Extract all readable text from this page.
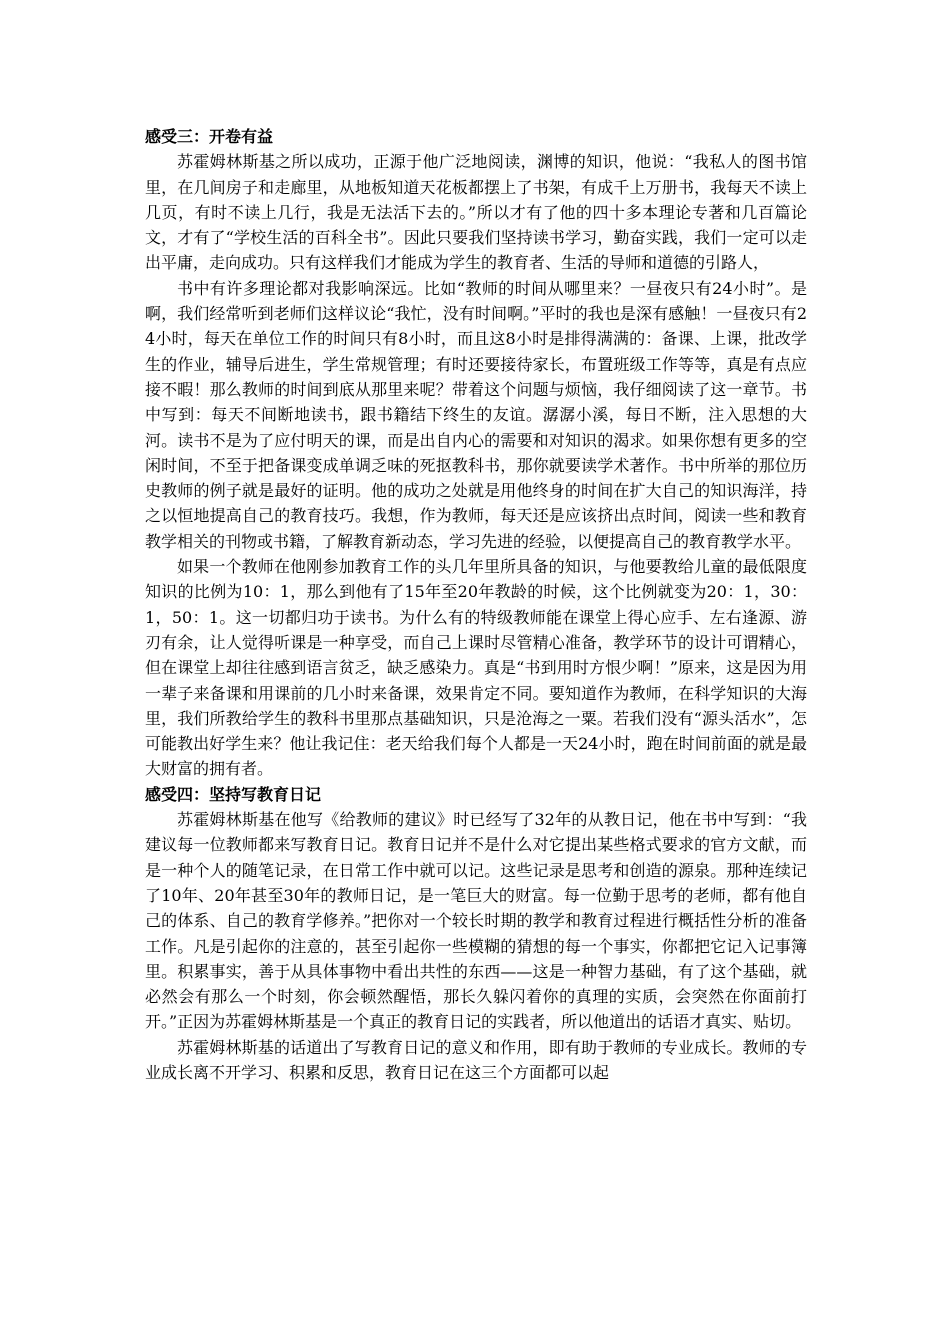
感受三：开卷有益

苏霍姆林斯基之所以成功，正源于他广泛地阅读，渊博的知识，他说：“我私人的图书馆里，在几间房子和走廊里，从地板知道天花板都摆上了书架，有成千上万册书，我每天不读上几页，有时不读上几行，我是无法活下去的。”所以才有了他的四十多本理论专著和几百篇论文，才有了“学校生活的百科全书”。因此只要我们坚持读书学习，勤奋实践，我们一定可以走出平庸，走向成功。只有这样我们才能成为学生的教育者、生活的导师和道德的引路人，

书中有许多理论都对我影响深远。比如“教师的时间从哪里来？一昼夜只有24小时”。是啊，我们经常听到老师们这样议论“我忙，没有时间啊。”平时的我也是深有感触！一昼夜只有24小时，每天在单位工作的时间只有8小时，而且这8小时是排得满满的：备课、上课，批改学生的作业，辅导后进生，学生常规管理；有时还要接待家长，布置班级工作等等，真是有点应接不暇！那么教师的时间到底从那里来呢？带着这个问题与烦恼，我仔细阅读了这一章节。书中写到：每天不间断地读书，跟书籍结下终生的友谊。潺潺小溪，每日不断，注入思想的大河。读书不是为了应付明天的课，而是出自内心的需要和对知识的渴求。如果你想有更多的空闲时间，不至于把备课变成单调乏味的死抠教科书，那你就要读学术著作。书中所举的那位历史教师的例子就是最好的证明。他的成功之处就是用他终身的时间在扩大自己的知识海洋，持之以恒地提高自己的教育技巧。我想，作为教师，每天还是应该挤出点时间，阅读一些和教育教学相关的刊物或书籍，了解教育新动态，学习先进的经验，以便提高自己的教育教学水平。

如果一个教师在他刚参加教育工作的头几年里所具备的知识，与他要教给儿童的最低限度知识的比例为10：1，那么到他有了15年至20年教龄的时候，这个比例就变为20：1，30：1，50：1。这一切都归功于读书。为什么有的特级教师能在课堂上得心应手、左右逢源、游刃有余，让人觉得听课是一种享受，而自己上课时尽管精心准备，教学环节的设计可谓精心，但在课堂上却往往感到语言贫乏，缺乏感染力。真是“书到用时方恨少啊！”原来，这是因为用一辈子来备课和用课前的几小时来备课，效果肯定不同。要知道作为教师，在科学知识的大海里，我们所教给学生的教科书里那点基础知识，只是沧海之一粟。若我们没有“源头活水”，怎可能教出好学生来？他让我记住：老天给我们每个人都是一天24小时，跑在时间前面的就是最大财富的拥有者。

感受四：坚持写教育日记

苏霍姆林斯基在他写《给教师的建议》时已经写了32年的从教日记，他在书中写到：“我建议每一位教师都来写教育日记。教育日记并不是什么对它提出某些格式要求的官方文献，而是一种个人的随笔记录，在日常工作中就可以记。这些记录是思考和创造的源泉。那种连续记了10年、20年甚至30年的教师日记，是一笔巨大的财富。每一位勤于思考的老师，都有他自己的体系、自己的教育学修养。”把你对一个较长时期的教学和教育过程进行概括性分析的准备工作。凡是引起你的注意的，甚至引起你一些模糊的猜想的每一个事实，你都把它记入记事簿里。积累事实，善于从具体事物中看出共性的东西——这是一种智力基础，有了这个基础，就必然会有那么一个时刻，你会顿然醒悟，那长久躲闪着你的真理的实质，会突然在你面前打开。”正因为苏霍姆林斯基是一个真正的教育日记的实践者，所以他道出的话语才真实、贴切。

苏霍姆林斯基的话道出了写教育日记的意义和作用，即有助于教师的专业成长。教师的专业成长离不开学习、积累和反思，教育日记在这三个方面都可以起
